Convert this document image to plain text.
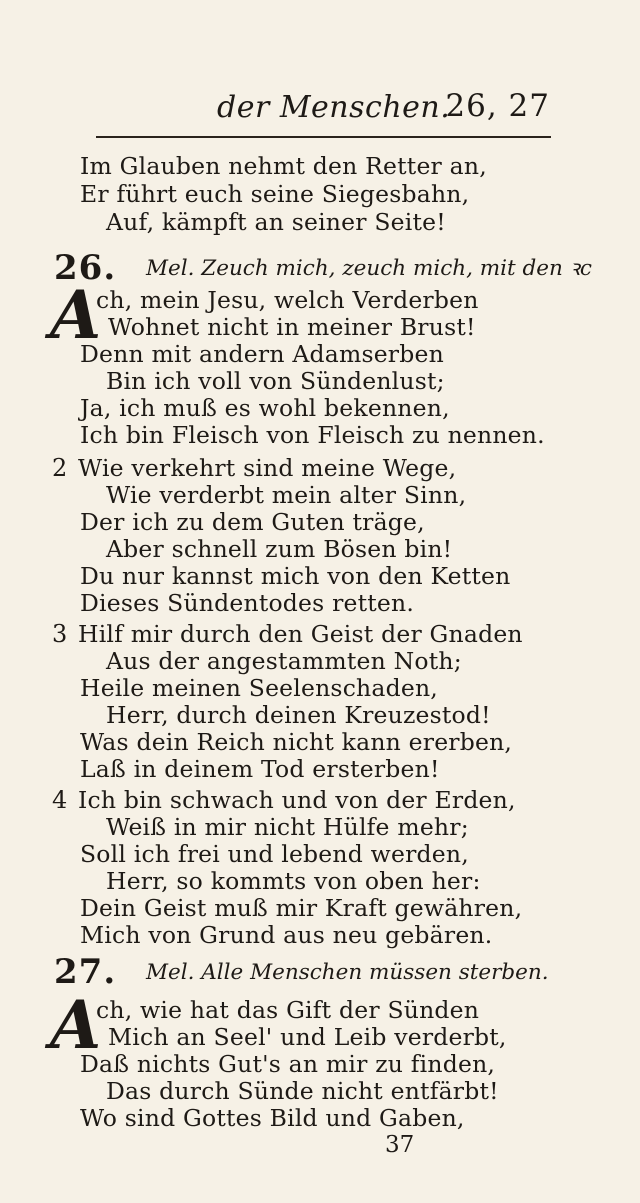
der Menschen.
26, 27
Im Glauben nehmt den Retter an,
Er führt euch seine Siegesbahn,
Auf, kämpft an seiner Seite!
26. Mel. Zeuch mich, zeuch mich, mit den ꝛc
A
ch, mein Jesu, welch Verderben
Wohnet nicht in meiner Brust!
Denn mit andern Adamserben
Bin ich voll von Sündenlust;
Ja, ich muß es wohl bekennen,
Ich bin Fleisch von Fleisch zu nennen.
2 Wie verkehrt sind meine Wege,
Wie verderbt mein alter Sinn,
Der ich zu dem Guten träge,
Aber schnell zum Bösen bin!
Du nur kannst mich von den Ketten
Dieses Sündentodes retten.
3 Hilf mir durch den Geist der Gnaden
Aus der angestammten Noth;
Heile meinen Seelenschaden,
Herr, durch deinen Kreuzestod!
Was dein Reich nicht kann ererben,
Laß in deinem Tod ersterben!
4 Ich bin schwach und von der Erden,
Weiß in mir nicht Hülfe mehr;
Soll ich frei und lebend werden,
Herr, so kommts von oben her:
Dein Geist muß mir Kraft gewähren,
Mich von Grund aus neu gebären.
27. Mel. Alle Menschen müssen sterben.
A
ch, wie hat das Gift der Sünden
Mich an Seel' und Leib verderbt,
Daß nichts Gut's an mir zu finden,
Das durch Sünde nicht entfärbt!
Wo sind Gottes Bild und Gaben,
37
